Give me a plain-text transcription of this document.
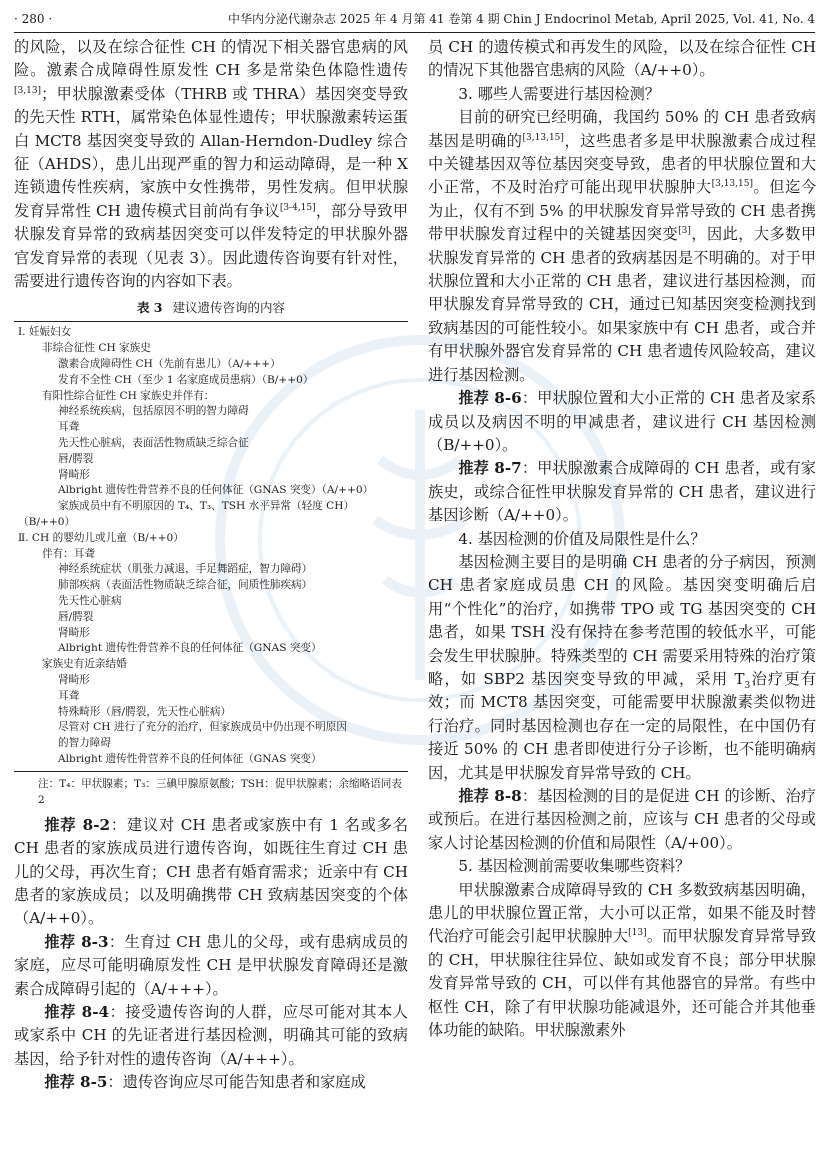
· 280 ·	中华内分泌代谢杂志 2025 年 4 月第 41 卷第 4 期 Chin J Endocrinol Metab, April 2025, Vol. 41, No. 4

的风险，以及在综合征性 CH 的情况下相关器官患病的风险。激素合成障碍性原发性 CH 多是常染色体隐性遗传[3,13]；甲状腺激素受体（THRB 或 THRA）基因突变导致的先天性 RTH，属常染色体显性遗传；甲状腺激素转运蛋白 MCT8 基因突变导致的 Allan-Herndon-Dudley 综合征（AHDS），患儿出现严重的智力和运动障碍，是一种 X 连锁遗传性疾病，家族中女性携带，男性发病。但甲状腺发育异常性 CH 遗传模式目前尚有争议[3-4,15]，部分导致甲状腺发育异常的致病基因突变可以伴发特定的甲状腺外器官发育异常的表现（见表 3）。因此遗传咨询要有针对性，需要进行遗传咨询的内容如下表。

表 3 建议遗传咨询的内容
Ⅰ. 妊娠妇女
非综合征性 CH 家族史
激素合成障碍性 CH（先前有患儿）（A/+++）
发育不全性 CH（至少 1 名家庭成员患病）（B/++0）
有阳性综合征性 CH 家族史并伴有：
神经系统疾病，包括原因不明的智力障碍
耳聋
先天性心脏病，表面活性物质缺乏综合征
唇/腭裂
肾畸形
Albright 遗传性骨营养不良的任何体征（GNAS 突变）（A/++0）
家族成员中有不明原因的 T₄、T₃、TSH 水平异常（轻度 CH）
（B/++0）
Ⅱ. CH 的婴幼儿或儿童（B/++0）
伴有：耳聋
神经系统症状（肌张力减退，手足舞蹈症，智力障碍）
肺部疾病（表面活性物质缺乏综合征，间质性肺疾病）
先天性心脏病
唇/腭裂
肾畸形
Albright 遗传性骨营养不良的任何体征（GNAS 突变）
家族史有近亲结婚
肾畸形
耳聋
特殊畸形（唇/腭裂，先天性心脏病）
尽管对 CH 进行了充分的治疗，但家族成员中仍出现不明原因
的智力障碍
Albright 遗传性骨营养不良的任何体征（GNAS 突变）
注：T₄：甲状腺素；T₃：三碘甲腺原氨酸；TSH：促甲状腺素；余缩略语同表 2

推荐 8-2：建议对 CH 患者或家族中有 1 名或多名 CH 患者的家族成员进行遗传咨询，如既往生育过 CH 患儿的父母，再次生育；CH 患者有婚育需求；近亲中有 CH 患者的家族成员；以及明确携带 CH 致病基因突变的个体（A/++0）。

推荐 8-3：生育过 CH 患儿的父母，或有患病成员的家庭，应尽可能明确原发性 CH 是甲状腺发育障碍还是激素合成障碍引起的（A/+++）。

推荐 8-4：接受遗传咨询的人群，应尽可能对其本人或家系中 CH 的先证者进行基因检测，明确其可能的致病基因，给予针对性的遗传咨询（A/+++）。

推荐 8-5：遗传咨询应尽可能告知患者和家庭成

员 CH 的遗传模式和再发生的风险，以及在综合征性 CH 的情况下其他器官患病的风险（A/++0）。

3. 哪些人需要进行基因检测？

目前的研究已经明确，我国约 50% 的 CH 患者致病基因是明确的[3,13,15]，这些患者多是甲状腺激素合成过程中关键基因双等位基因突变导致，患者的甲状腺位置和大小正常，不及时治疗可能出现甲状腺肿大[3,13,15]。但迄今为止，仅有不到 5% 的甲状腺发育异常导致的 CH 患者携带甲状腺发育过程中的关键基因突变[3]，因此，大多数甲状腺发育异常的 CH 患者的致病基因是不明确的。对于甲状腺位置和大小正常的 CH 患者，建议进行基因检测，而甲状腺发育异常导致的 CH，通过已知基因突变检测找到致病基因的可能性较小。如果家族中有 CH 患者，或合并有甲状腺外器官发育异常的 CH 患者遗传风险较高，建议进行基因检测。

推荐 8-6：甲状腺位置和大小正常的 CH 患者及家系成员以及病因不明的甲减患者，建议进行 CH 基因检测（B/++0）。

推荐 8-7：甲状腺激素合成障碍的 CH 患者，或有家族史，或综合征性甲状腺发育异常的 CH 患者，建议进行基因诊断（A/++0）。

4. 基因检测的价值及局限性是什么？

基因检测主要目的是明确 CH 患者的分子病因，预测 CH 患者家庭成员患 CH 的风险。基因突变明确后启用“个性化”的治疗，如携带 TPO 或 TG 基因突变的 CH 患者，如果 TSH 没有保持在参考范围的较低水平，可能会发生甲状腺肿。特殊类型的 CH 需要采用特殊的治疗策略，如 SBP2 基因突变导致的甲减，采用 $T_3$治疗更有效；而 MCT8 基因突变，可能需要甲状腺激素类似物进行治疗。同时基因检测也存在一定的局限性，在中国仍有接近 50% 的 CH 患者即使进行分子诊断，也不能明确病因，尤其是甲状腺发育异常导致的 CH。

推荐 8-8：基因检测的目的是促进 CH 的诊断、治疗或预后。在进行基因检测之前，应该与 CH 患者的父母或家人讨论基因检测的价值和局限性（A/+00）。

5. 基因检测前需要收集哪些资料？

甲状腺激素合成障碍导致的 CH 多数致病基因明确，患儿的甲状腺位置正常，大小可以正常，如果不能及时替代治疗可能会引起甲状腺肿大[13]。而甲状腺发育异常导致的 CH，甲状腺往往异位、缺如或发育不良；部分甲状腺发育异常导致的 CH，可以伴有其他器官的异常。有些中枢性 CH，除了有甲状腺功能减退外，还可能合并其他垂体功能的缺陷。甲状腺激素外
